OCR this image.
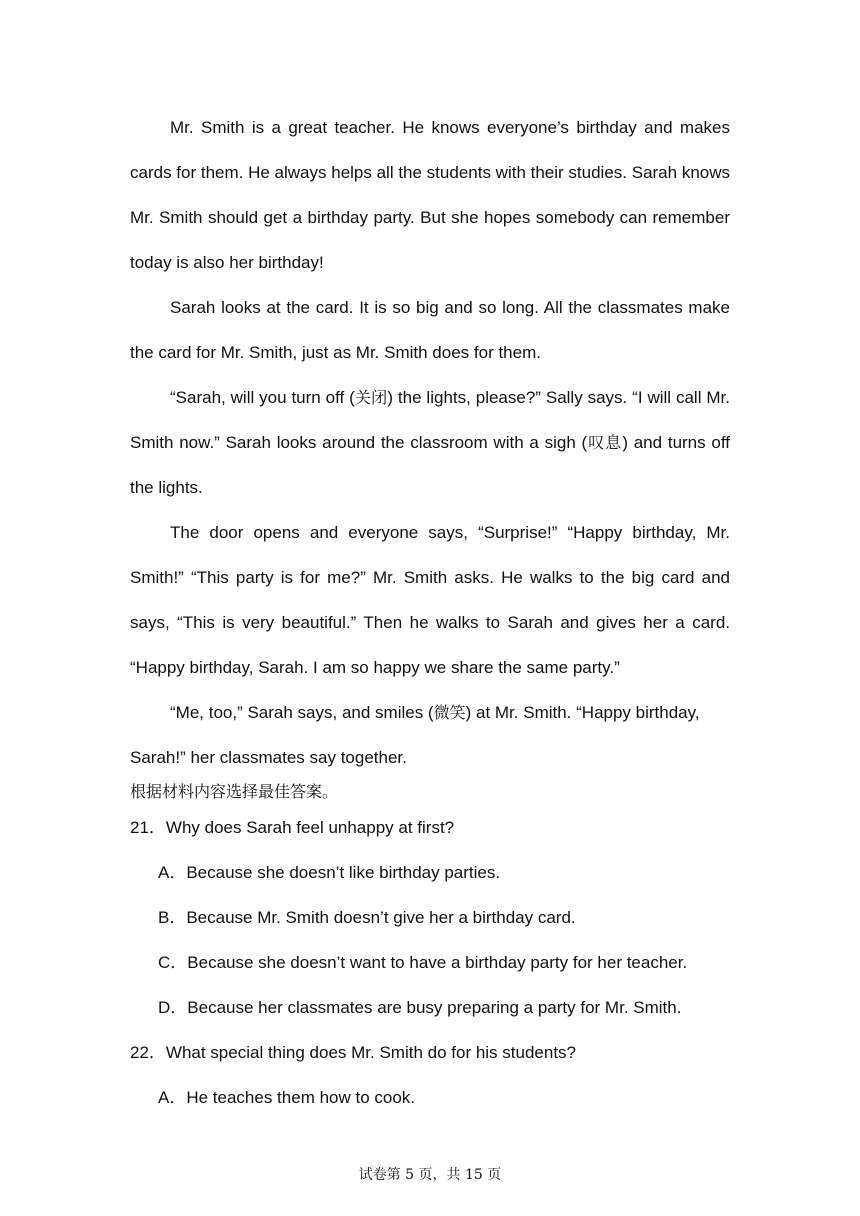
Mr. Smith is a great teacher. He knows everyone’s birthday and makes cards for them. He always helps all the students with their studies. Sarah knows Mr. Smith should get a birthday party. But she hopes somebody can remember today is also her birthday!

Sarah looks at the card. It is so big and so long. All the classmates make the card for Mr. Smith, just as Mr. Smith does for them.

“Sarah, will you turn off (关闭) the lights, please?” Sally says. “I will call Mr. Smith now.” Sarah looks around the classroom with a sigh (叹息) and turns off the lights.

The door opens and everyone says, “Surprise!” “Happy birthday, Mr. Smith!” “This party is for me?” Mr. Smith asks. He walks to the big card and says, “This is very beautiful.” Then he walks to Sarah and gives her a card. “Happy birthday, Sarah. I am so happy we share the same party.”

“Me, too,” Sarah says, and smiles (微笑) at Mr. Smith. “Happy birthday, Sarah!” her classmates say together.

根据材料内容选择最佳答案。
21．Why does Sarah feel unhappy at first?
A．Because she doesn’t like birthday parties.
B．Because Mr. Smith doesn’t give her a birthday card.
C．Because she doesn’t want to have a birthday party for her teacher.
D．Because her classmates are busy preparing a party for Mr. Smith.
22．What special thing does Mr. Smith do for his students?
A．He teaches them how to cook.
试卷第 5 页，共 15 页
